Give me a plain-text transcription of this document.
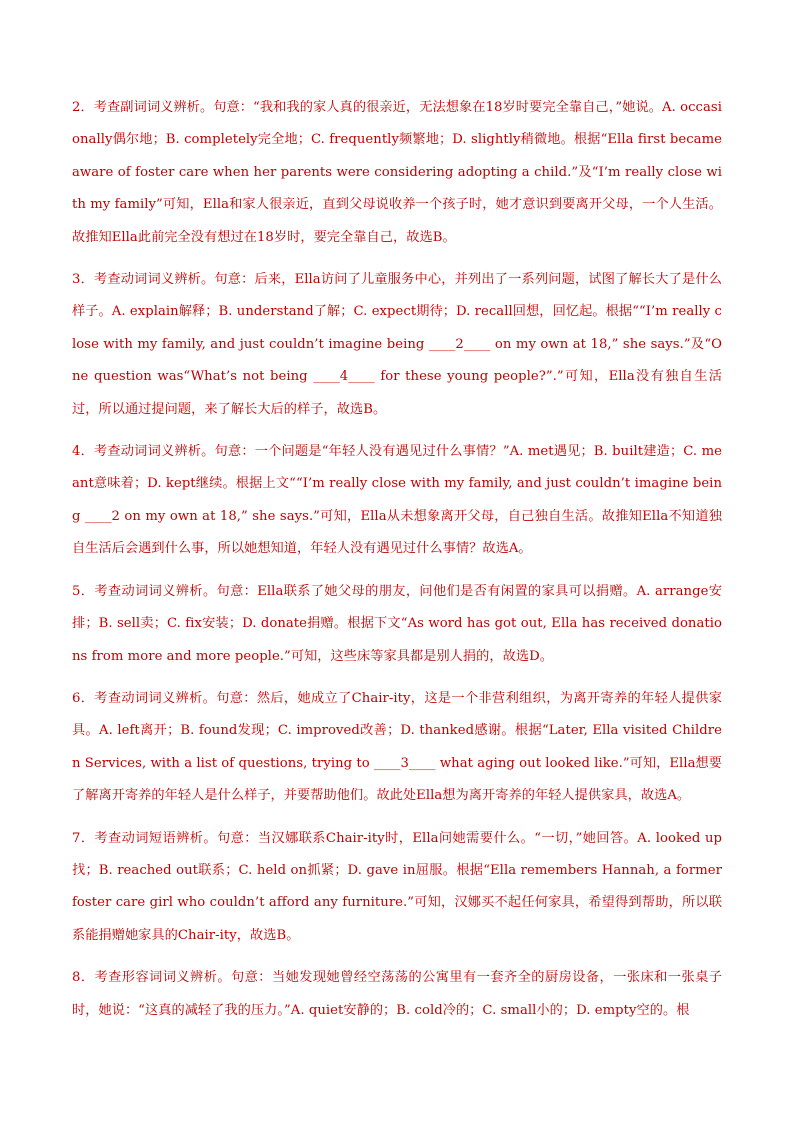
2．考查副词词义辨析。句意：“我和我的家人真的很亲近，无法想象在18岁时要完全靠自己，”她说。A. occasionally偶尔地；B. completely完全地；C. frequently频繁地；D. slightly稍微地。根据“Ella first became aware of foster care when her parents were considering adopting a child.”及“I’m really close with my family”可知，Ella和家人很亲近，直到父母说收养一个孩子时，她才意识到要离开父母，一个人生活。故推知Ella此前完全没有想过在18岁时，要完全靠自己，故选B。

3．考查动词词义辨析。句意：后来，Ella访问了儿童服务中心，并列出了一系列问题，试图了解长大了是什么样子。A. explain解释；B. understand了解；C. expect期待；D. recall回想，回忆起。根据““I’m really close with my family, and just couldn’t imagine being ____2____ on my own at 18,” she says.”及“One question was“What’s not being ____4____ for these young people?”.”可知，Ella没有独自生活过，所以通过提问题，来了解长大后的样子，故选B。

4．考查动词词义辨析。句意：一个问题是“年轻人没有遇见过什么事情？”A. met遇见；B. built建造；C. meant意味着；D. kept继续。根据上文““I’m really close with my family, and just couldn’t imagine being ____2 on my own at 18,” she says.”可知，Ella从未想象离开父母，自己独自生活。故推知Ella不知道独自生活后会遇到什么事，所以她想知道，年轻人没有遇见过什么事情？故选A。

5．考查动词词义辨析。句意：Ella联系了她父母的朋友，问他们是否有闲置的家具可以捐赠。A. arrange安排；B. sell卖；C. fix安装；D. donate捐赠。根据下文“As word has got out, Ella has received donations from more and more people.”可知，这些床等家具都是别人捐的，故选D。

6．考查动词词义辨析。句意：然后，她成立了Chair-ity，这是一个非营利组织，为离开寄养的年轻人提供家具。A. left离开；B. found发现；C. improved改善；D. thanked感谢。根据“Later, Ella visited Children Services, with a list of questions, trying to ____3____ what aging out looked like.”可知，Ella想要了解离开寄养的年轻人是什么样子，并要帮助他们。故此处Ella想为离开寄养的年轻人提供家具，故选A。

7．考查动词短语辨析。句意：当汉娜联系Chair-ity时，Ella问她需要什么。“一切，”她回答。A. looked up找；B. reached out联系；C. held on抓紧；D. gave in屈服。根据“Ella remembers Hannah, a former foster care girl who couldn’t afford any furniture.”可知，汉娜买不起任何家具，希望得到帮助，所以联系能捐赠她家具的Chair-ity，故选B。

8．考查形容词词义辨析。句意：当她发现她曾经空荡荡的公寓里有一套齐全的厨房设备，一张床和一张桌子时，她说：“这真的减轻了我的压力。”A. quiet安静的；B. cold冷的；C. small小的；D. empty空的。根
